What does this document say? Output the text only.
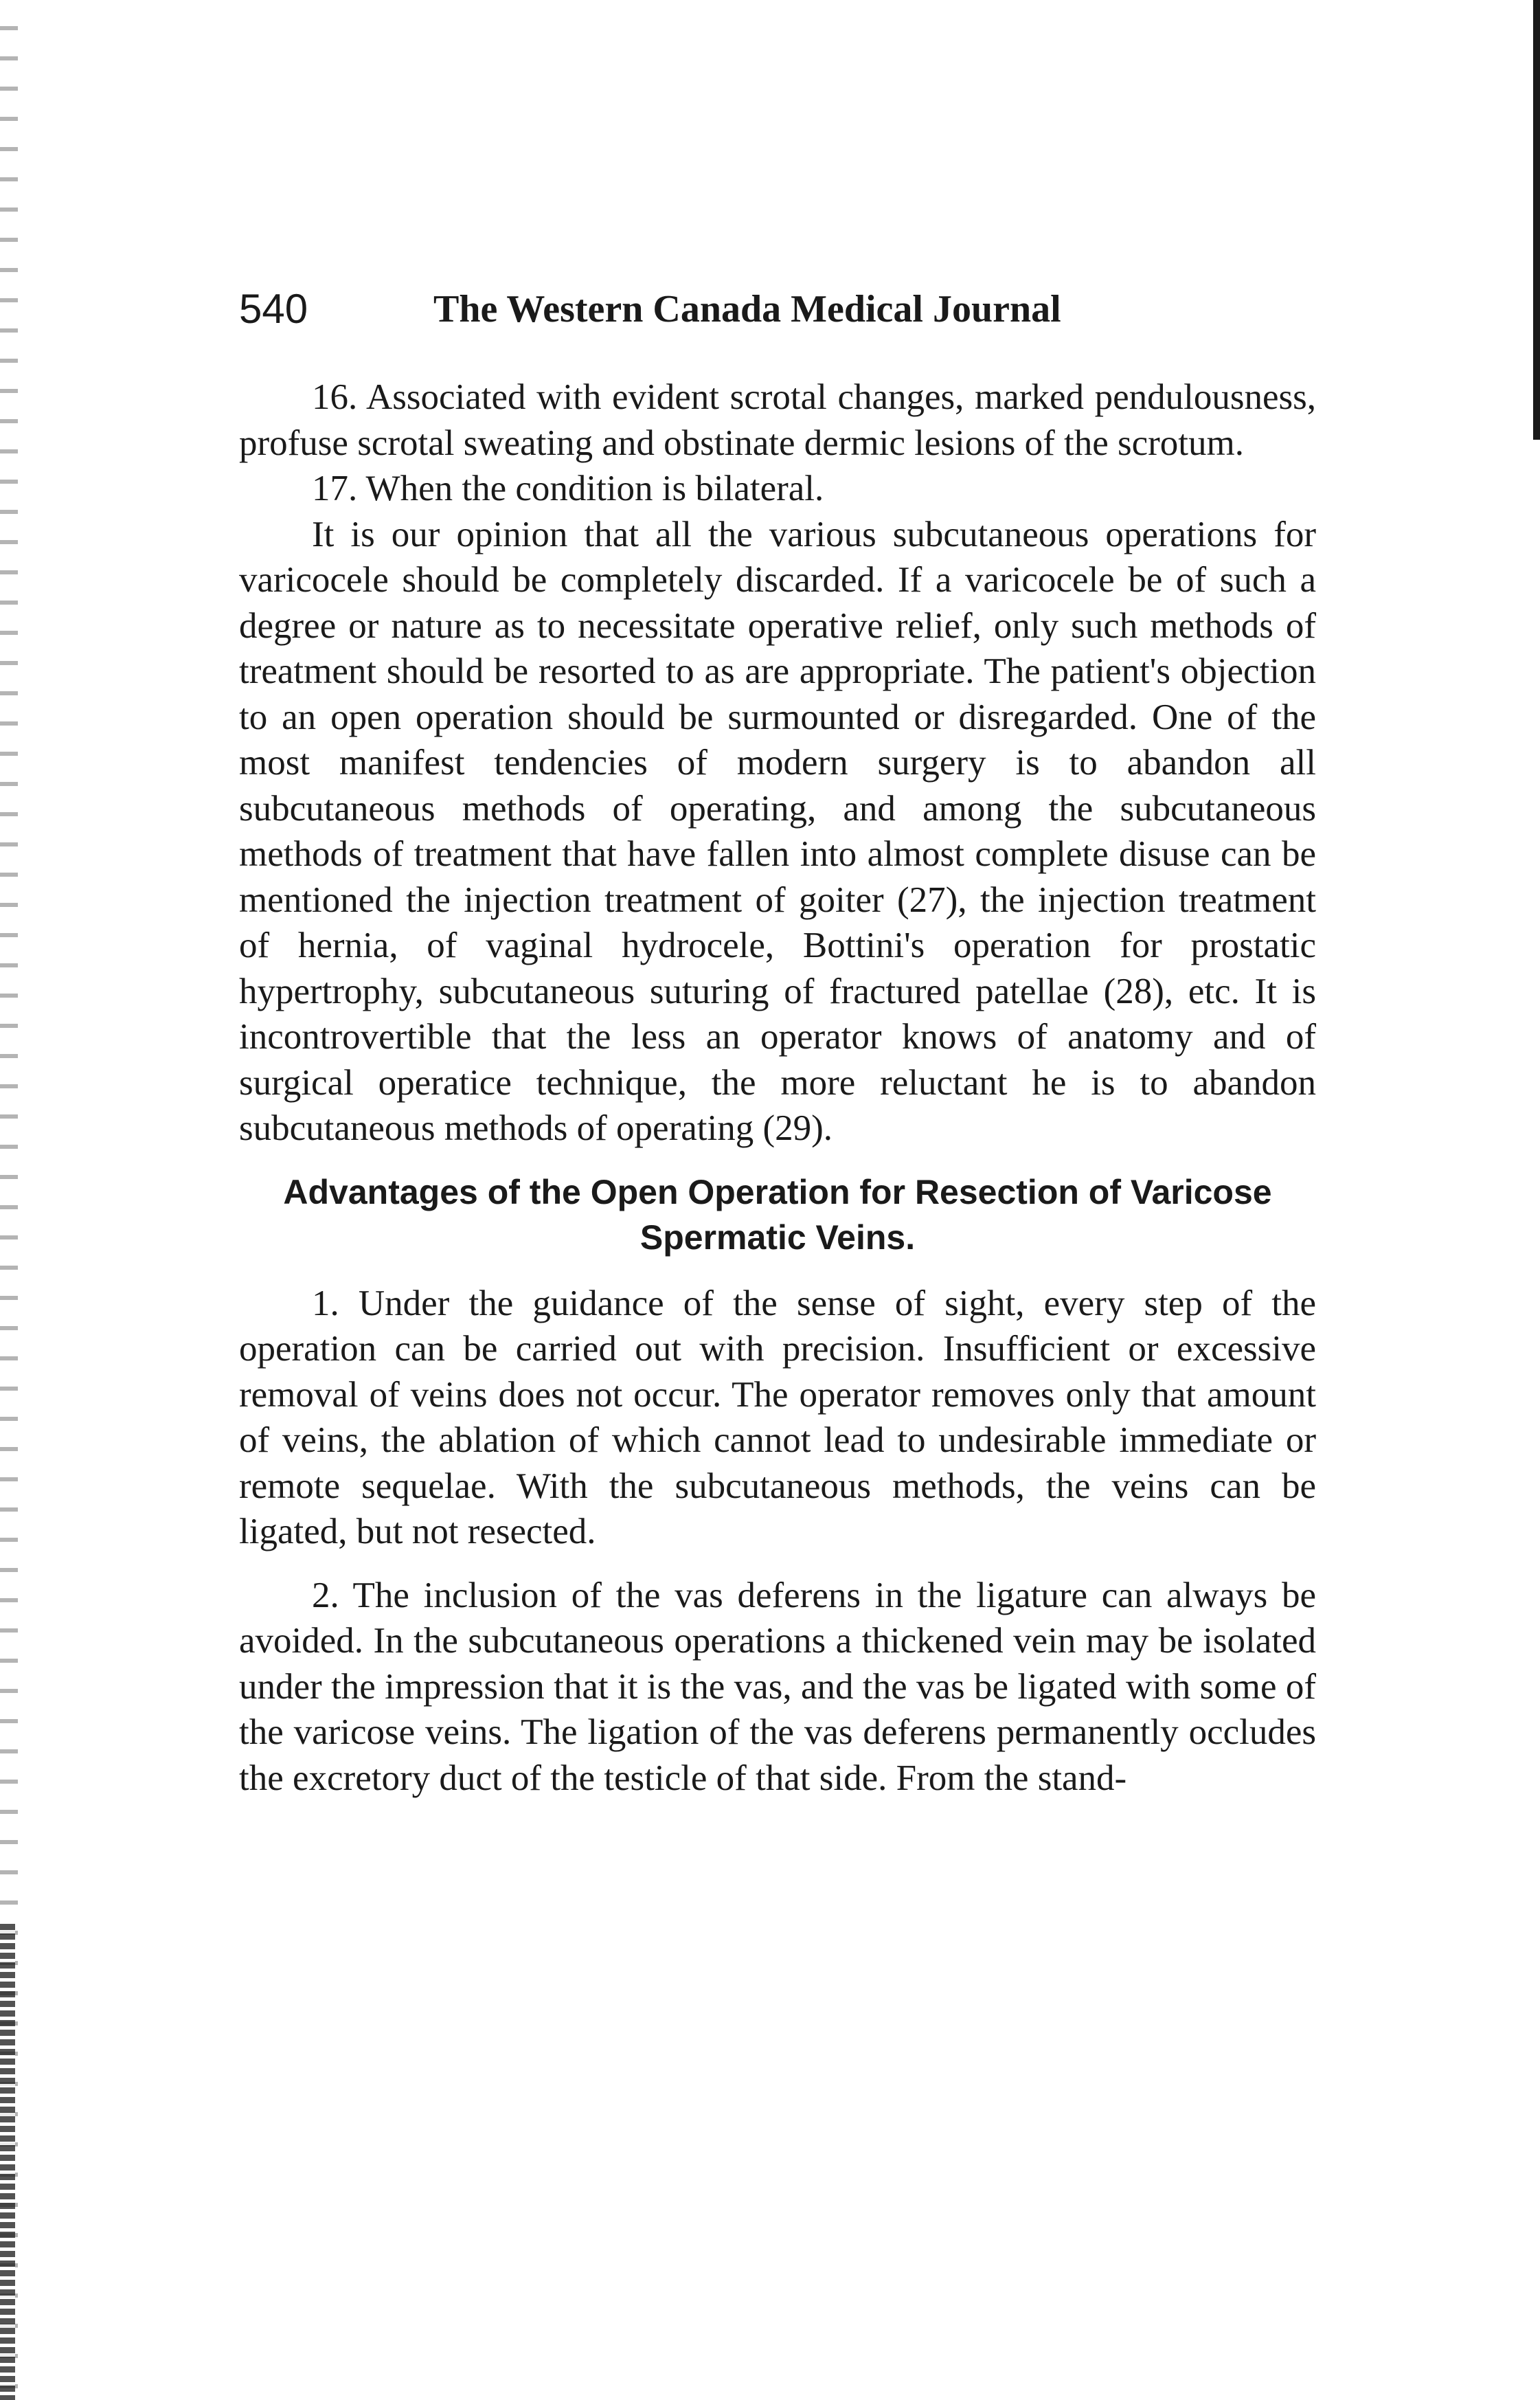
540	The Western Canada Medical Journal

16. Associated with evident scrotal changes, marked pendulousness, profuse scrotal sweating and obstinate dermic lesions of the scrotum.

17. When the condition is bilateral.

It is our opinion that all the various subcutaneous operations for varicocele should be completely discarded. If a varicocele be of such a degree or nature as to necessitate operative relief, only such methods of treatment should be resorted to as are appropriate. The patient's objection to an open operation should be surmounted or disregarded. One of the most manifest tendencies of modern surgery is to abandon all subcutaneous methods of operating, and among the subcutaneous methods of treatment that have fallen into almost complete disuse can be mentioned the injection treatment of goiter (27), the injection treatment of hernia, of vaginal hydrocele, Bottini's operation for prostatic hypertrophy, subcutaneous suturing of fractured patellae (28), etc. It is incontrovertible that the less an operator knows of anatomy and of surgical operatice technique, the more reluctant he is to abandon subcutaneous methods of operating (29).

Advantages of the Open Operation for Resection of Varicose Spermatic Veins.

1. Under the guidance of the sense of sight, every step of the operation can be carried out with precision. Insufficient or excessive removal of veins does not occur. The operator removes only that amount of veins, the ablation of which cannot lead to undesirable immediate or remote sequelae. With the subcutaneous methods, the veins can be ligated, but not resected.

2. The inclusion of the vas deferens in the ligature can always be avoided. In the subcutaneous operations a thickened vein may be isolated under the impression that it is the vas, and the vas be ligated with some of the varicose veins. The ligation of the vas deferens permanently occludes the excretory duct of the testicle of that side. From the stand-
